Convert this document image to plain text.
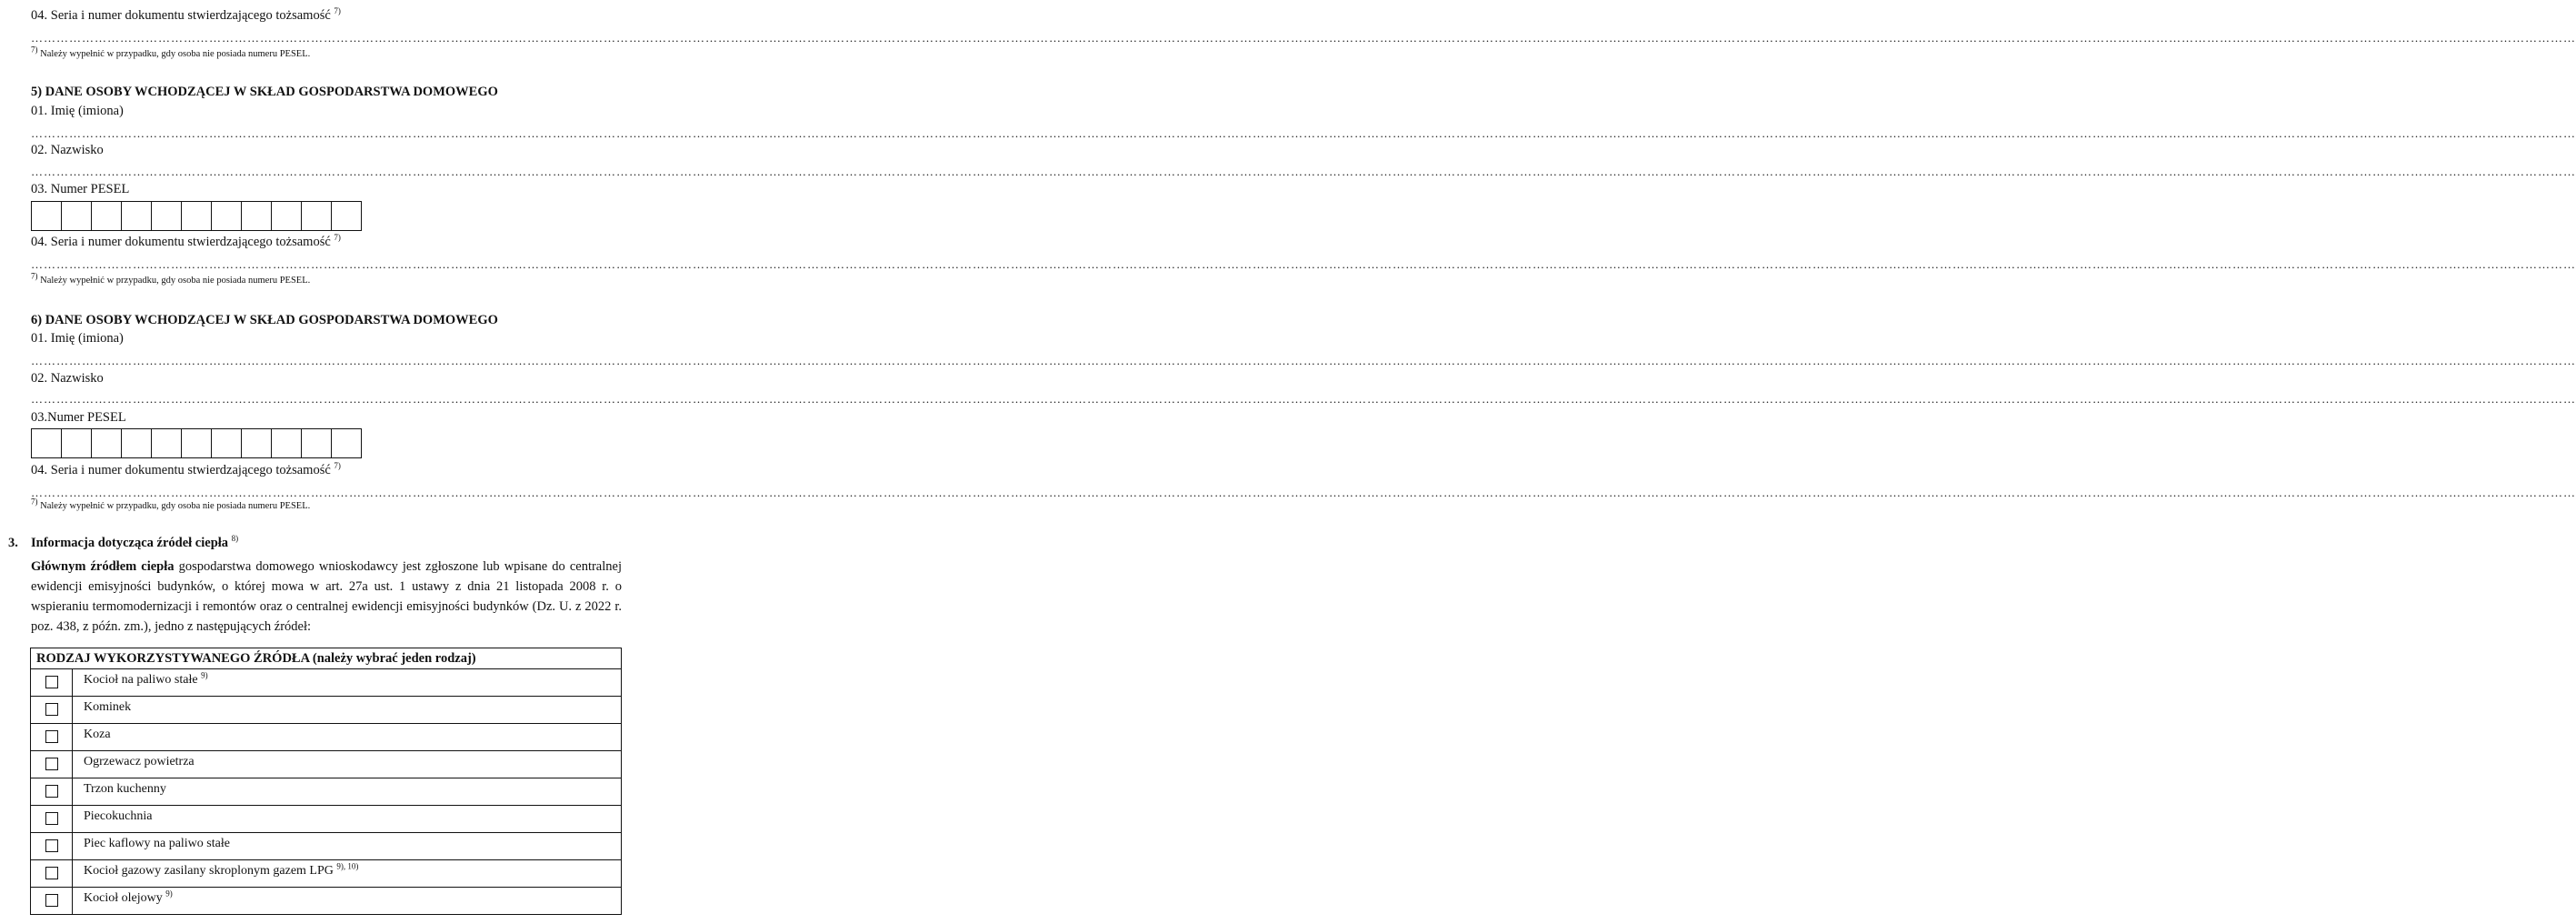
04. Seria i numer dokumentu stwierdzającego tożsamość $^{7)}$
……………………………………………………………………………………………………………………………………………………………………………………………………………………………………………………………………………………………………………………………………………………………………………………………………………………………………………………………………………………………………………………………………………………
$^{7)}$ Należy wypełnić w przypadku, gdy osoba nie posiada numeru PESEL.
5) DANE OSOBY WCHODZĄCEJ W SKŁAD GOSPODARSTWA DOMOWEGO
01. Imię (imiona)
……………………………………………………………………………………………………………………………………………………………………………………………………………………………………………………………………………………………………………………………………………………………………………………………………………………………………………………………………………………………………………………………………………………
02. Nazwisko
……………………………………………………………………………………………………………………………………………………………………………………………………………………………………………………………………………………………………………………………………………………………………………………………………………………………………………………………………………………………………………………………………………………
03. Numer PESEL
04. Seria i numer dokumentu stwierdzającego tożsamość $^{7)}$
……………………………………………………………………………………………………………………………………………………………………………………………………………………………………………………………………………………………………………………………………………………………………………………………………………………………………………………………………………………………………………………………………………………
$^{7)}$ Należy wypełnić w przypadku, gdy osoba nie posiada numeru PESEL.
6) DANE OSOBY WCHODZĄCEJ W SKŁAD GOSPODARSTWA DOMOWEGO
01. Imię (imiona)
……………………………………………………………………………………………………………………………………………………………………………………………………………………………………………………………………………………………………………………………………………………………………………………………………………………………………………………………………………………………………………………………………………………
02. Nazwisko
……………………………………………………………………………………………………………………………………………………………………………………………………………………………………………………………………………………………………………………………………………………………………………………………………………………………………………………………………………………………………………………………………………………
03.Numer PESEL
04. Seria i numer dokumentu stwierdzającego tożsamość $^{7)}$
……………………………………………………………………………………………………………………………………………………………………………………………………………………………………………………………………………………………………………………………………………………………………………………………………………………………………………………………………………………………………………………………………………………
$^{7)}$ Należy wypełnić w przypadku, gdy osoba nie posiada numeru PESEL.
3. Informacja dotycząca źródeł ciepła $^{8)}$
Głównym źródłem ciepła gospodarstwa domowego wnioskodawcy jest zgłoszone lub wpisane do centralnej ewidencji emisyjności budynków, o której mowa w art. 27a ust. 1 ustawy z dnia 21 listopada 2008 r. o wspieraniu termomodernizacji i remontów oraz o centralnej ewidencji emisyjności budynków (Dz. U. z 2022 r. poz. 438, z późn. zm.), jedno z następujących źródeł:
RODZAJ WYKORZYSTYWANEGO ŹRÓDŁA (należy wybrać jeden rodzaj)	
	Kocioł na paliwo stałe $^{9)}$
	Kominek
	Koza
	Ogrzewacz powietrza
	Trzon kuchenny
	Piecokuchnia
	Piec kaflowy na paliwo stałe
	Kocioł gazowy zasilany skroplonym gazem LPG $^{9), 10)}$
	Kocioł olejowy $^{9)}$
